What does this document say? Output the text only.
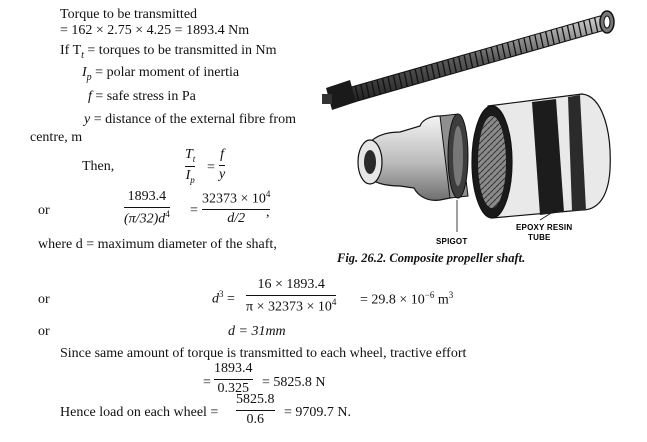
Torque to be transmitted
= 162 × 2.75 × 4.25 = 1893.4 Nm
If $T_t$ = torques to be transmitted in Nm
$I_p$ = polar moment of inertia
f = safe stress in Pa
y = distance of the external fibre from
centre, m
Then,
$T_t$
$I_p$
=
f
y
or
1893.4
$(\pi/32)d^4$ =
$32373 \times 10^4$
d/2 ,
where d = maximum diameter of the shaft,
or	$d^3$ =
16 × 1893.4
$\pi \times 32373 \times 10^4 = 29.8 \times 10^{-6}$ $m^3$
or	d = 31mm
Since same amount of torque is transmitted to each wheel, tractive effort
=
1893.4
0.325 = 5825.8 N
Hence load on each wheel =
5825.8
0.6 = 9709.7 N.
EPOXY RESIN
TUBE
SPIGOT
Fig. 26.2. Composite propeller shaft.
